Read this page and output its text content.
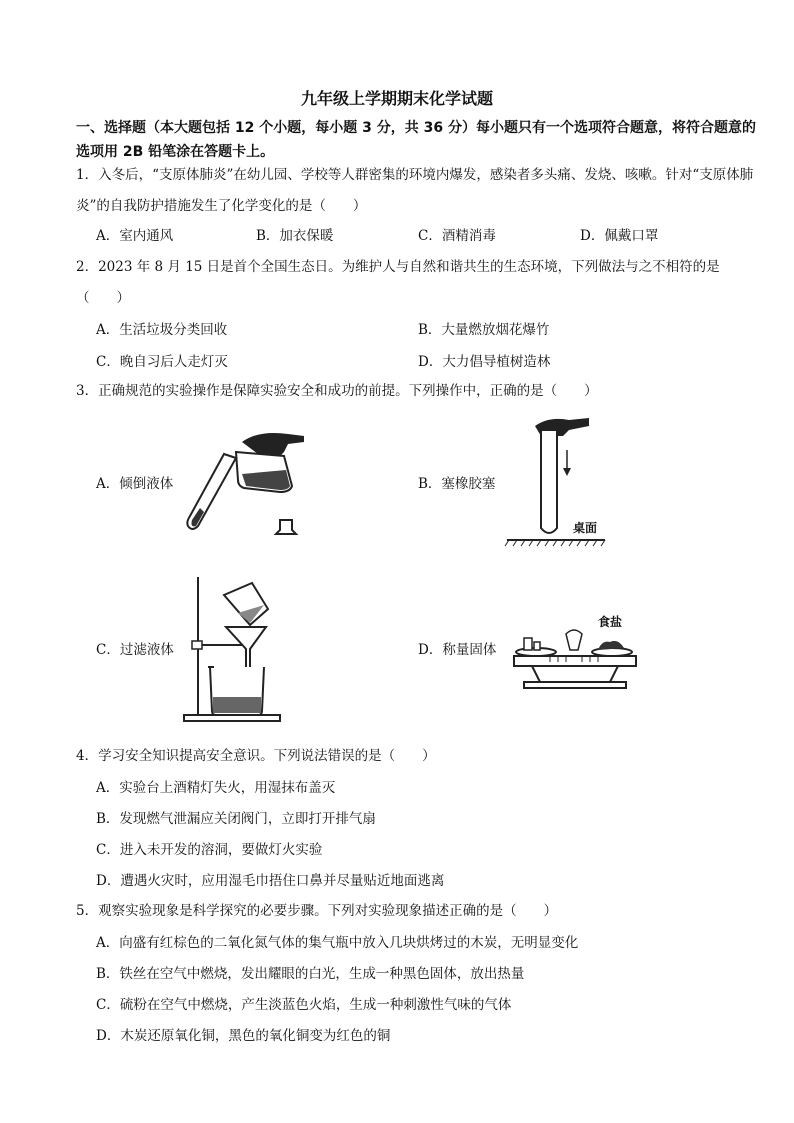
九年级上学期期末化学试题
一、选择题（本大题包括 12 个小题，每小题 3 分，共 36 分）每小题只有一个选项符合题意，将符合题意的选项用 2B 铅笔涂在答题卡上。
1．入冬后，“支原体肺炎”在幼儿园、学校等人群密集的环境内爆发，感染者多头痛、发烧、咳嗽。针对“支原体肺炎”的自我防护措施发生了化学变化的是（　　）
A．室内通风	B．加衣保暖	C．酒精消毒	D．佩戴口罩
2．2023 年 8 月 15 日是首个全国生态日。为维护人与自然和谐共生的生态环境，下列做法与之不相符的是（　　）
A．生活垃圾分类回收	B．大量燃放烟花爆竹
C．晚自习后人走灯灭	D．大力倡导植树造林
3．正确规范的实验操作是保障实验安全和成功的前提。下列操作中，正确的是（　　）
A．倾倒液体	B．塞橡胶塞
C．过滤液体	D．称量固体
桌面
食盐
4．学习安全知识提高安全意识。下列说法错误的是（　　）
A．实验台上酒精灯失火，用湿抹布盖灭
B．发现燃气泄漏应关闭阀门，立即打开排气扇
C．进入未开发的溶洞，要做灯火实验
D．遭遇火灾时，应用湿毛巾捂住口鼻并尽量贴近地面逃离
5．观察实验现象是科学探究的必要步骤。下列对实验现象描述正确的是（　　）
A．向盛有红棕色的二氧化氮气体的集气瓶中放入几块烘烤过的木炭，无明显变化
B．铁丝在空气中燃烧，发出耀眼的白光，生成一种黑色固体，放出热量
C．硫粉在空气中燃烧，产生淡蓝色火焰，生成一种刺激性气味的气体
D．木炭还原氧化铜，黑色的氧化铜变为红色的铜
